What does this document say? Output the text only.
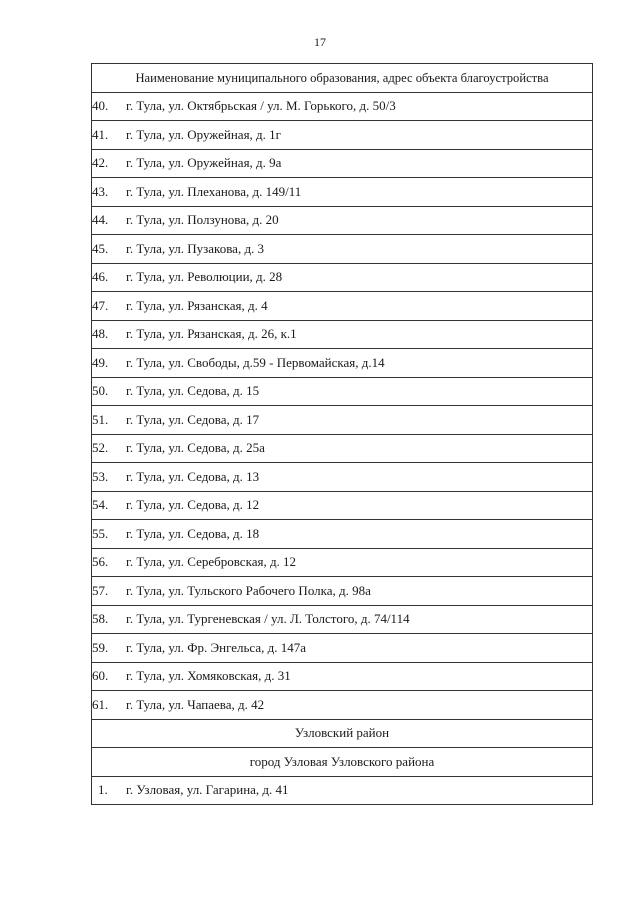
17
Наименование муниципального образования, адрес объекта благоустройства
40. г. Тула, ул. Октябрьская / ул. М. Горького, д. 50/3
41. г. Тула, ул. Оружейная, д. 1г
42. г. Тула, ул. Оружейная, д. 9а
43. г. Тула, ул. Плеханова, д. 149/11
44. г. Тула, ул. Ползунова, д. 20
45. г. Тула, ул. Пузакова, д. 3
46. г. Тула, ул. Революции, д. 28
47. г. Тула, ул. Рязанская, д. 4
48. г. Тула, ул. Рязанская, д. 26, к.1
49. г. Тула, ул. Свободы, д.59 - Первомайская, д.14
50. г. Тула, ул. Седова, д. 15
51. г. Тула, ул. Седова, д. 17
52. г. Тула, ул. Седова, д. 25а
53. г. Тула, ул. Седова, д. 13
54. г. Тула, ул. Седова, д. 12
55. г. Тула, ул. Седова, д. 18
56. г. Тула, ул. Серебровская, д. 12
57. г. Тула, ул. Тульского Рабочего Полка, д. 98а
58. г. Тула, ул. Тургеневская / ул. Л. Толстого, д. 74/114
59. г. Тула, ул. Фр. Энгельса, д. 147а
60. г. Тула, ул. Хомяковская, д. 31
61. г. Тула, ул. Чапаева, д. 42
Узловский район
город Узловая Узловского района
1. г. Узловая, ул. Гагарина, д. 41
